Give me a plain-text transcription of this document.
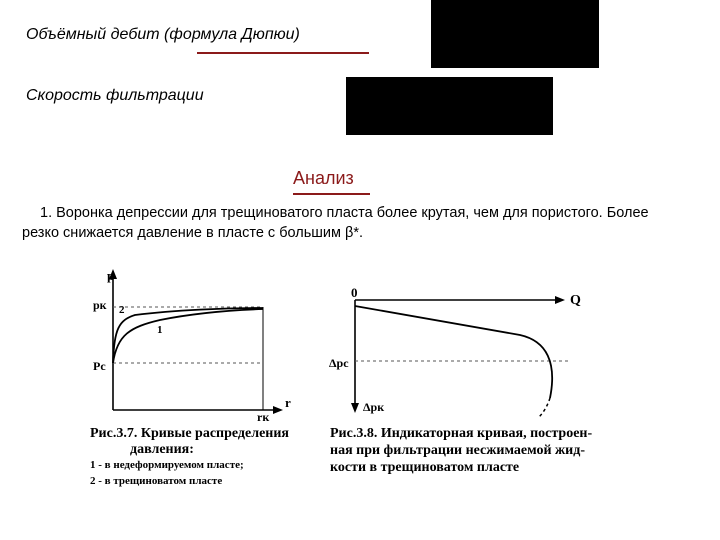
Объёмный дебит (формула Дюпюи)
Скорость фильтрации
Анализ
1. Воронка депрессии для трещиноватого пласта более крутая, чем для пористого. Более резко снижается давление в пласте с большим β*.
p
pк
Pc
2
1
rк
r
Рис.3.7. Кривые распределения
давления:
1 - в недеформируемом пласте;
2 - в трещиноватом пласте
0
Q
Δpc
Δpк
Рис.3.8. Индикаторная кривая, построен-
ная при фильтрации несжимаемой жид-
кости в трещиноватом пласте
